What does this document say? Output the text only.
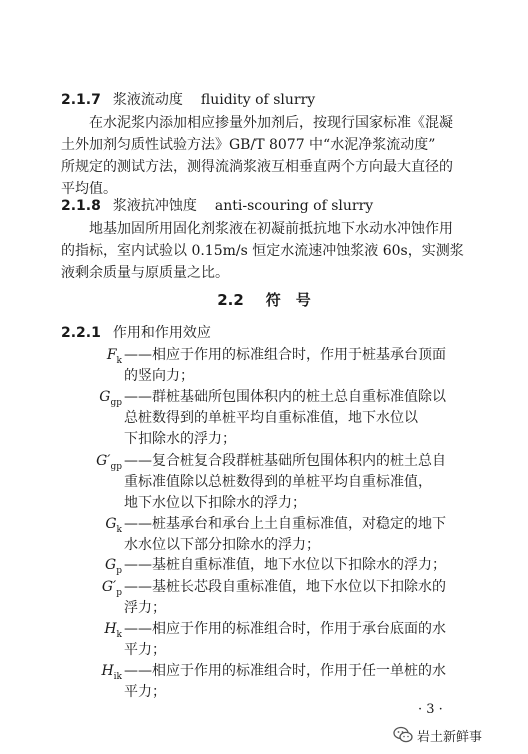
2.1.7 浆液流动度 fluidity of slurry
在水泥浆内添加相应掺量外加剂后，按现行国家标准《混凝
土外加剂匀质性试验方法》GB/T 8077 中“水泥净浆流动度”
所规定的测试方法，测得流淌浆液互相垂直两个方向最大直径的
平均值。
2.1.8 浆液抗冲蚀度 anti-scouring of slurry
地基加固所用固化剂浆液在初凝前抵抗地下水动水冲蚀作用
的指标，室内试验以 0.15m/s 恒定水流速冲蚀浆液 60s，实测浆
液剩余质量与原质量之比。
2.2 符　号
2.2.1 作用和作用效应
$F_k$ ——相应于作用的标准组合时，作用于桩基承台顶面
的竖向力；
$G_{gp}$ ——群桩基础所包围体积内的桩土总自重标准值除以
总桩数得到的单桩平均自重标准值，地下水位以
下扣除水的浮力；
$G'_{gp}$ ——复合桩复合段群桩基础所包围体积内的桩土总自
重标准值除以总桩数得到的单桩平均自重标准值，
地下水位以下扣除水的浮力；
$G_k$ ——桩基承台和承台上土自重标准值，对稳定的地下
水水位以下部分扣除水的浮力；
$G_p$ ——基桩自重标准值，地下水位以下扣除水的浮力；
$G'_p$ ——基桩长芯段自重标准值，地下水位以下扣除水的
浮力；
$H_k$ ——相应于作用的标准组合时，作用于承台底面的水
平力；
$H_{ik}$ ——相应于作用的标准组合时，作用于任一单桩的水
平力；
· 3 ·
岩土新鲜事
